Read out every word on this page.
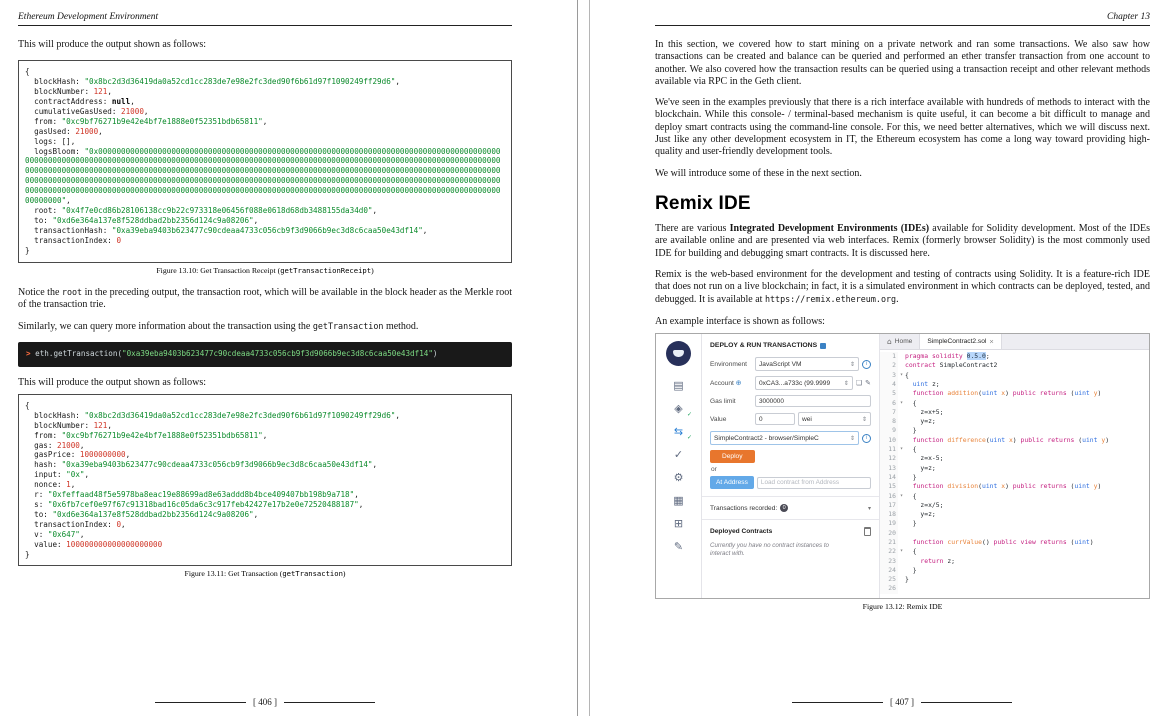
Ethereum Development Environment

This will produce the output shown as follows:

{
blockHash: "0x8bc2d3d36419da0a52cd1cc283de7e98e2fc3ded90f6b61d97f1090249ff29d6",
blockNumber: 121,
contractAddress: null,
cumulativeGasUsed: 21000,
from: "0xc9bf76271b9e42e4bf7e1888e0f52351bdb65811",
gasUsed: 21000,
logs: [],
logsBloom: "0x00000000000000000000000000000000000000000000000000000000000000000000000000000000000000000000000000000000000000000000000000000000000000000000000000000000000000000000000000000000000000000000000000000000000000000000000000000000000000000000000000000000000000000000000000000000000000000000000000000000000000000000000000000000000000000000000000000000000000000000000000000000000000000000000000000000000000000000000000000000000000000000000000000000000000000000000000000000000000000000000000000000000000000000000000000000",
root: "0x4f7e0cd86b28106138cc9b22c973318e06456f088e0618d68db3488155da34d0",
to: "0xd6e364a137e8f528ddbad2bb2356d124c9a08206",
transactionHash: "0xa39eba9403b623477c90cdeaa4733c056cb9f3d9066b9ec3d8c6caa50e43df14",
transactionIndex: 0
}
Figure 13.10: Get Transaction Receipt (getTransactionReceipt)

Notice the root in the preceding output, the transaction root, which will be available in the block header as the Merkle root of the transaction trie.

Similarly, we can query more information about the transaction using the getTransaction method.

> eth.getTransaction("0xa39eba9403b623477c90cdeaa4733c056cb9f3d9066b9ec3d8c6caa50e43df14")

This will produce the output shown as follows:

{
blockHash: "0x8bc2d3d36419da0a52cd1cc283de7e98e2fc3ded90f6b61d97f1090249ff29d6",
blockNumber: 121,
from: "0xc9bf76271b9e42e4bf7e1888e0f52351bdb65811",
gas: 21000,
gasPrice: 1000000000,
hash: "0xa39eba9403b623477c90cdeaa4733c056cb9f3d9066b9ec3d8c6caa50e43df14",
input: "0x",
nonce: 1,
r: "0xfeffaad48f5e5978ba8eac19e88699ad8e63addd8b4bce409407bb198b9a718",
s: "0x6fb7cef0e97f67c91318bad16c05da6c3c917feb42427e17b2e0e72520488187",
to: "0xd6e364a137e8f528ddbad2bb2356d124c9a08206",
transactionIndex: 0,
v: "0x647",
value: 100000000000000000000
}
Figure 13.11: Get Transaction (getTransaction)
[ 406 ]
Chapter 13

In this section, we covered how to start mining on a private network and ran some transactions. We also saw how transactions can be created and balance can be queried and performed an ether transfer transaction from one account to another. We also covered how the transaction results can be queried using a transaction receipt and other relevant methods available via RPC in the Geth client.

We've seen in the examples previously that there is a rich interface available with hundreds of methods to interact with the blockchain. While this console- / terminal-based mechanism is quite useful, it can become a bit difficult to manage and deploy smart contracts using the command-line console. For this, we need better alternatives, which we will discuss next. Just like any other development ecosystem in IT, the Ethereum ecosystem has come a long way toward providing high-quality and user-friendly development tools.

We will introduce some of these in the next section.

Remix IDE

There are various Integrated Development Environments (IDEs) available for Solidity development. Most of the IDEs are available online and are presented via web interfaces. Remix (formerly browser Solidity) is the most commonly used IDE for building and debugging smart contracts. It is discussed here.

Remix is the web-based environment for the development and testing of contracts using Solidity. It is a feature-rich IDE that does not run on a live blockchain; in fact, it is a simulated environment in which contracts can be deployed, tested, and debugged. It is available at https://remix.ethereum.org.

An example interface is shown as follows:

▤
◈ ✓
⇆ ✓
✓
⚙
▦
⊞
✎
DEPLOY & RUN TRANSACTIONS
Environment	JavaScript VM	⇕	i
Account ⊕	0xCA3...a733c (99.9999 ⇕ ❏ ✎
Gas limit
3000000
Value
0	wei	⇕
SimpleContract2 - browser/SimpleC	⇕	i
Deploy
or
At Address
Load contract from Address
Transactions recorded: 0	▾
Deployed Contracts
Currently you have no contract instances to interact with.
⌂ Home SimpleContract2.sol ×
1
	pragma solidity 0.5.0;
2
	contract SimpleContract2
3 ▾ {
4
	uint z;
5
	function addition(uint x) public returns (uint y)
6 ▾ {
7
	z=x+5;
8
	y=z;
9
	}
10
	function difference(uint x) public returns (uint y)
11 ▾ {
12
	z=x-5;
13
	y=z;
14
	}
15
	function division(uint x) public returns (uint y)
16 ▾ {
17
	z=x/5;
18
	y=z;
19
	}
20

21
	function currValue() public view returns (uint)
22 ▾ {
23
	return z;
24
	}
25
	}
26

Figure 13.12: Remix IDE
[ 407 ]
